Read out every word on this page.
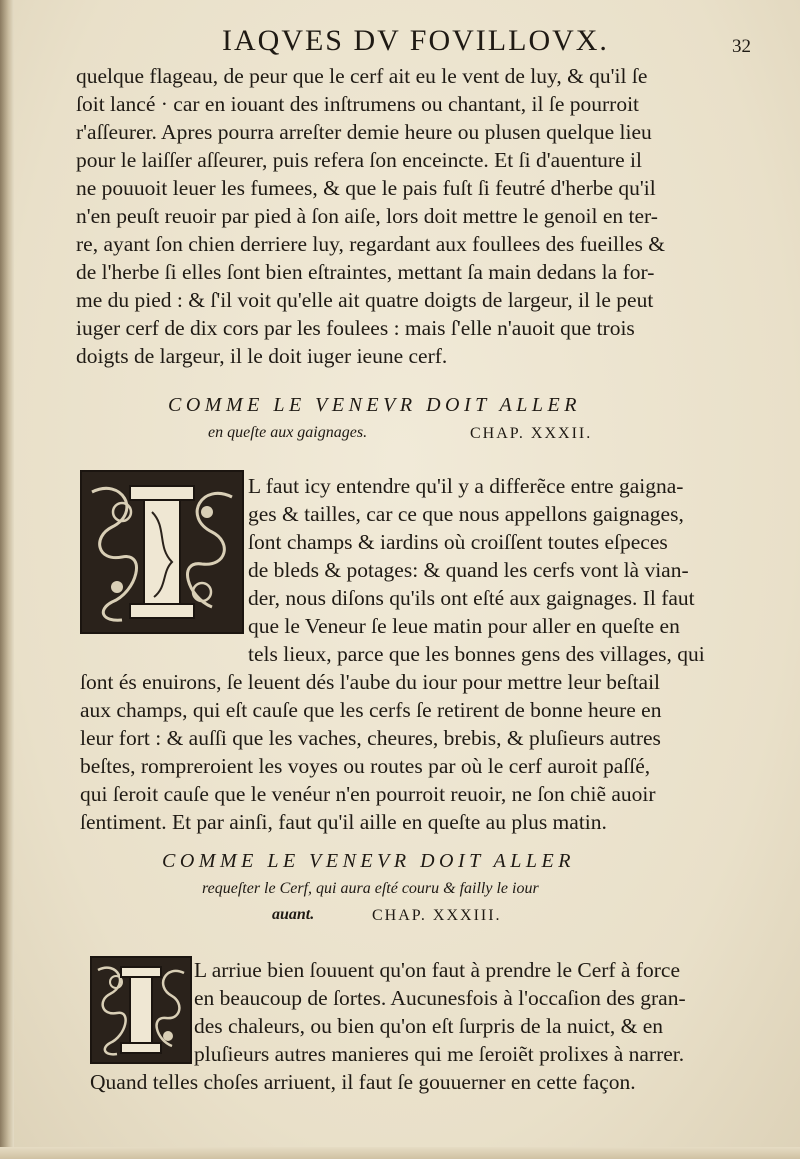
IAQVES DV FOVILLOVX.	32
quelque flageau, de peur que le cerf ait eu le vent de luy, & qu'il ſe
ſoit lancé · car en iouant des inſtrumens ou chantant, il ſe pourroit
r'aſſeurer. Apres pourra arreſter demie heure ou plusen quelque lieu
pour le laiſſer aſſeurer, puis refera ſon enceincte. Et ſi d'auenture il
ne pouuoit leuer les fumees, & que le pais fuſt ſi feutré d'herbe qu'il
n'en peuſt reuoir par pied à ſon aiſe, lors doit mettre le genoil en ter-
re, ayant ſon chien derriere luy, regardant aux foullees des fueilles &
de l'herbe ſi elles ſont bien eſtraintes, mettant ſa main dedans la for-
me du pied : & ſ'il voit qu'elle ait quatre doigts de largeur, il le peut
iuger cerf de dix cors par les foulees : mais ſ'elle n'auoit que trois
doigts de largeur, il le doit iuger ieune cerf.
COMME LE VENEVR DOIT ALLER
en queſte aux gaignages.	CHAP. XXXII.
L faut icy entendre qu'il y a differẽce entre gaigna-
ges & tailles, car ce que nous appellons gaignages,
ſont champs & iardins où croiſſent toutes eſpeces
de bleds & potages: & quand les cerfs vont là vian-
der, nous diſons qu'ils ont eſté aux gaignages. Il faut
que le Veneur ſe leue matin pour aller en queſte en
tels lieux, parce que les bonnes gens des villages, qui
ſont és enuirons, ſe leuent dés l'aube du iour pour mettre leur beſtail
aux champs, qui eſt cauſe que les cerfs ſe retirent de bonne heure en
leur fort : & auſſi que les vaches, cheures, brebis, & pluſieurs autres
beſtes, rompreroient les voyes ou routes par où le cerf auroit paſſé,
qui ſeroit cauſe que le venéur n'en pourroit reuoir, ne ſon chiẽ auoir
ſentiment. Et par ainſi, faut qu'il aille en queſte au plus matin.
COMME LE VENEVR DOIT ALLER
requeſter le Cerf, qui aura eſté couru & failly le iour
auant.	CHAP. XXXIII.
L arriue bien ſouuent qu'on faut à prendre le Cerf à force
en beaucoup de ſortes. Aucunesfois à l'occaſion des gran-
des chaleurs, ou bien qu'on eſt ſurpris de la nuict, & en
pluſieurs autres manieres qui me ſeroiẽt prolixes à narrer.
Quand telles choſes arriuent, il faut ſe gouuerner en cette façon.
